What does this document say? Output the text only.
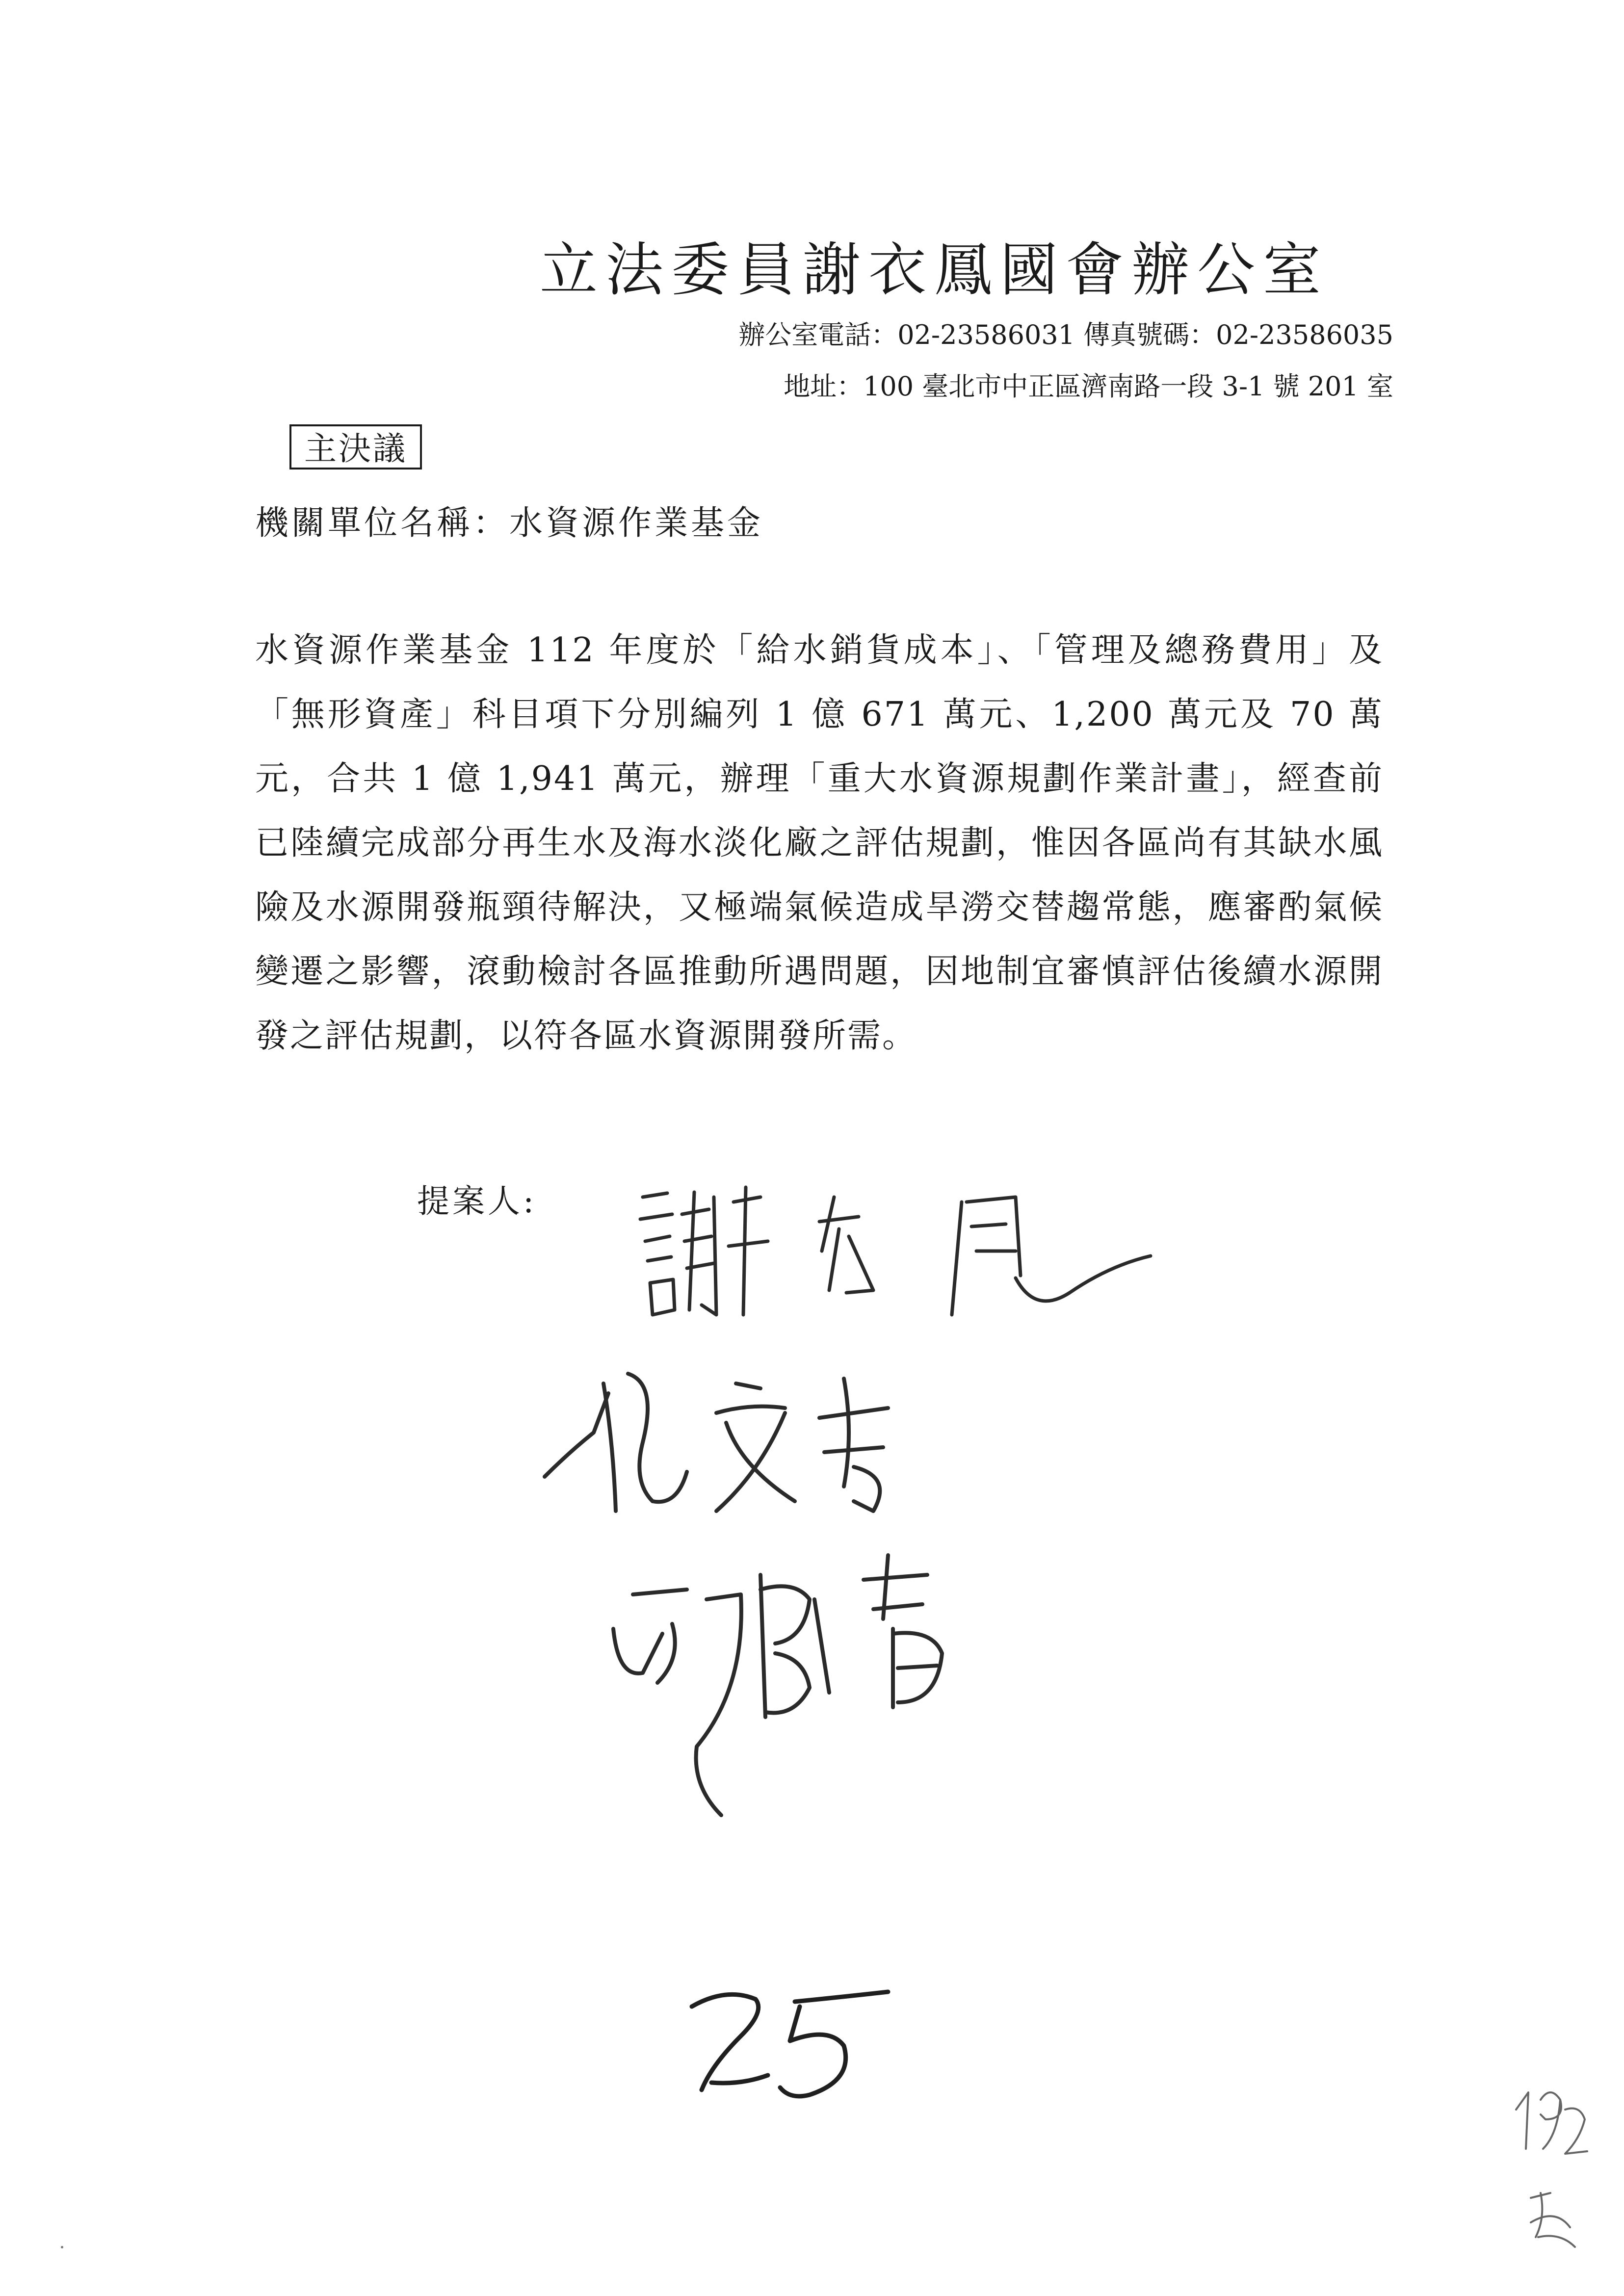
立法委員謝衣鳳國會辦公室
辦公室電話：02-23586031 傳真號碼：02-23586035
地址：100 臺北市中正區濟南路一段 3-1 號 201 室
主決議
機關單位名稱：水資源作業基金
水資源作業基金 112 年度於「給水銷貨成本」、「管理及總務費用」及「無形資產」科目項下分別編列 1 億 671 萬元、1,200 萬元及 70 萬元，合共 1 億 1,941 萬元，辦理「重大水資源規劃作業計畫」，經查前已陸續完成部分再生水及海水淡化廠之評估規劃，惟因各區尚有其缺水風險及水源開發瓶頸待解決，又極端氣候造成旱澇交替趨常態，應審酌氣候變遷之影響，滾動檢討各區推動所遇問題，因地制宜審慎評估後續水源開發之評估規劃，以符各區水資源開發所需。
提案人:
